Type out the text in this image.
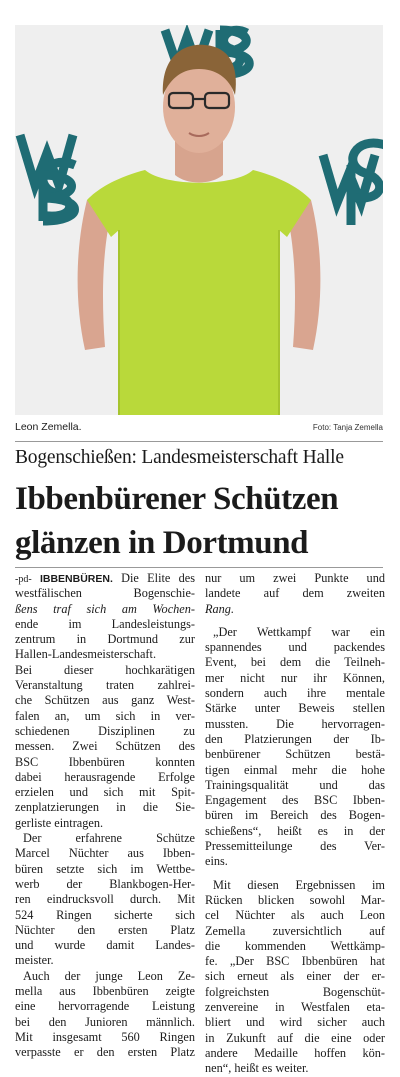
Leon Zemella.	Foto: Tanja Zemella
Bogenschießen: Landesmeisterschaft Halle
Ibbenbürener Schützen
glänzen in Dortmund
-pd- IBBENBÜREN. Die Elite des
westfälischen Bogenschie-
ßens traf sich am Wochen-
ende im Landesleistungs-
zentrum in Dortmund zur
Hallen-Landesmeisterschaft.
Bei dieser hochkarätigen
Veranstaltung traten zahlrei-
che Schützen aus ganz West-
falen an, um sich in ver-
schiedenen Disziplinen zu
messen. Zwei Schützen des
BSC Ibbenbüren konnten
dabei herausragende Erfolge
erzielen und sich mit Spit-
zenplatzierungen in die Sie-
gerliste eintragen.
Der erfahrene Schütze
Marcel Nüchter aus Ibben-
büren setzte sich im Wettbe-
werb der Blankbogen-Her-
ren eindrucksvoll durch. Mit
524 Ringen sicherte sich
Nüchter den ersten Platz
und wurde damit Landes-
meister.
Auch der junge Leon Ze-
mella aus Ibbenbüren zeigte
eine hervorragende Leistung
bei den Junioren männlich.
Mit insgesamt 560 Ringen
verpasste er den ersten Platz
nur um zwei Punkte und
landete auf dem zweiten
Rang.
„Der Wettkampf war ein
spannendes und packendes
Event, bei dem die Teilneh-
mer nicht nur ihr Können,
sondern auch ihre mentale
Stärke unter Beweis stellen
mussten. Die hervorragen-
den Platzierungen der Ib-
benbürener Schützen bestä-
tigen einmal mehr die hohe
Trainingsqualität und das
Engagement des BSC Ibben-
büren im Bereich des Bogen-
schießens“, heißt es in der
Pressemitteilunge des Ver-
eins.
Mit diesen Ergebnissen im
Rücken blicken sowohl Mar-
cel Nüchter als auch Leon
Zemella zuversichtlich auf
die kommenden Wettkämp-
fe. „Der BSC Ibbenbüren hat
sich erneut als einer der er-
folgreichsten Bogenschüt-
zenvereine in Westfalen eta-
bliert und wird sicher auch
in Zukunft auf die eine oder
andere Medaille hoffen kön-
nen“, heißt es weiter.
